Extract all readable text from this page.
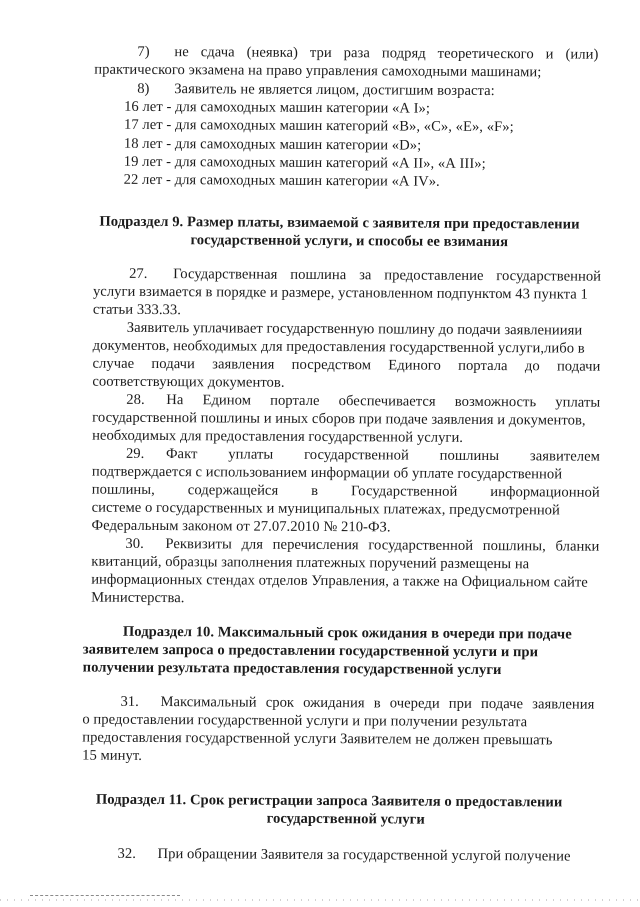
7) не сдача (неявка) три раза подряд теоретического и (или)
практического экзамена на право управления самоходными машинами;
8) Заявитель не является лицом, достигшим возраста:
16 лет - для самоходных машин категории «А I»;
17 лет - для самоходных машин категорий «В», «С», «Е», «F»;
18 лет - для самоходных машин категории «D»;
19 лет - для самоходных машин категорий «А II», «А III»;
22 лет - для самоходных машин категории «А IV».
Подраздел 9. Размер платы, взимаемой с заявителя при предоставлении
государственной услуги, и способы ее взимания
27. Государственная пошлина за предоставление государственной
услуги взимается в порядке и размере, установленном подпунктом 43 пункта 1
статьи 333.33.
Заявитель уплачивает государственную пошлину до подачи заявлениияи
документов, необходимых для предоставления государственной услуги,либо в
случае подачи заявления посредством Единого портала до подачи
соответствующих документов.
28. На Едином портале обеспечивается возможность уплаты
государственной пошлины и иных сборов при подаче заявления и документов,
необходимых для предоставления государственной услуги.
29. Факт уплаты государственной пошлины заявителем
подтверждается с использованием информации об уплате государственной
пошлины, содержащейся в Государственной информационной
системе о государственных и муниципальных платежах, предусмотренной
Федеральным законом от 27.07.2010 № 210-ФЗ.
30. Реквизиты для перечисления государственной пошлины, бланки
квитанций, образцы заполнения платежных поручений размещены на
информационных стендах отделов Управления, а также на Официальном сайте
Министерства.
Подраздел 10. Максимальный срок ожидания в очереди при подаче
заявителем запроса о предоставлении государственной услуги и при
получении результата предоставления государственной услуги
31. Максимальный срок ожидания в очереди при подаче заявления
о предоставлении государственной услуги и при получении результата
предоставления государственной услуги Заявителем не должен превышать
15 минут.
Подраздел 11. Срок регистрации запроса Заявителя о предоставлении
государственной услуги
32. При обращении Заявителя за государственной услугой получение
